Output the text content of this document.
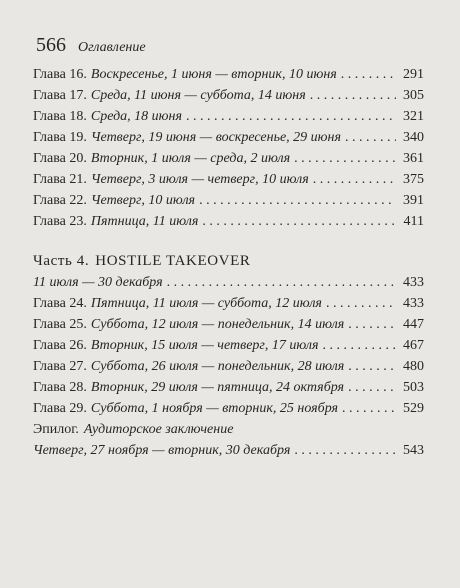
566 Оглавление
Глава 16. Воскресенье, 1 июня — вторник, 10 июня . . .	291
Глава 17. Среда, 11 июня — суббота, 14 июня . . .	305
Глава 18. Среда, 18 июня . . .	321
Глава 19. Четверг, 19 июня — воскресенье, 29 июня . . .	340
Глава 20. Вторник, 1 июля — среда, 2 июля . . .	361
Глава 21. Четверг, 3 июля — четверг, 10 июля . . .	375
Глава 22. Четверг, 10 июля . . .	391
Глава 23. Пятница, 11 июля . . .	411
Часть 4. HOSTILE TAKEOVER
11 июля — 30 декабря . . .	433
Глава 24. Пятница, 11 июля — суббота, 12 июля . . .	433
Глава 25. Суббота, 12 июля — понедельник, 14 июля . . .	447
Глава 26. Вторник, 15 июля — четверг, 17 июля . . .	467
Глава 27. Суббота, 26 июля — понедельник, 28 июля . . .	480
Глава 28. Вторник, 29 июля — пятница, 24 октября . . .	503
Глава 29. Суббота, 1 ноября — вторник, 25 ноября . . .	529
Эпилог. Аудиторское заключение
Четверг, 27 ноября — вторник, 30 декабря . . .	543
